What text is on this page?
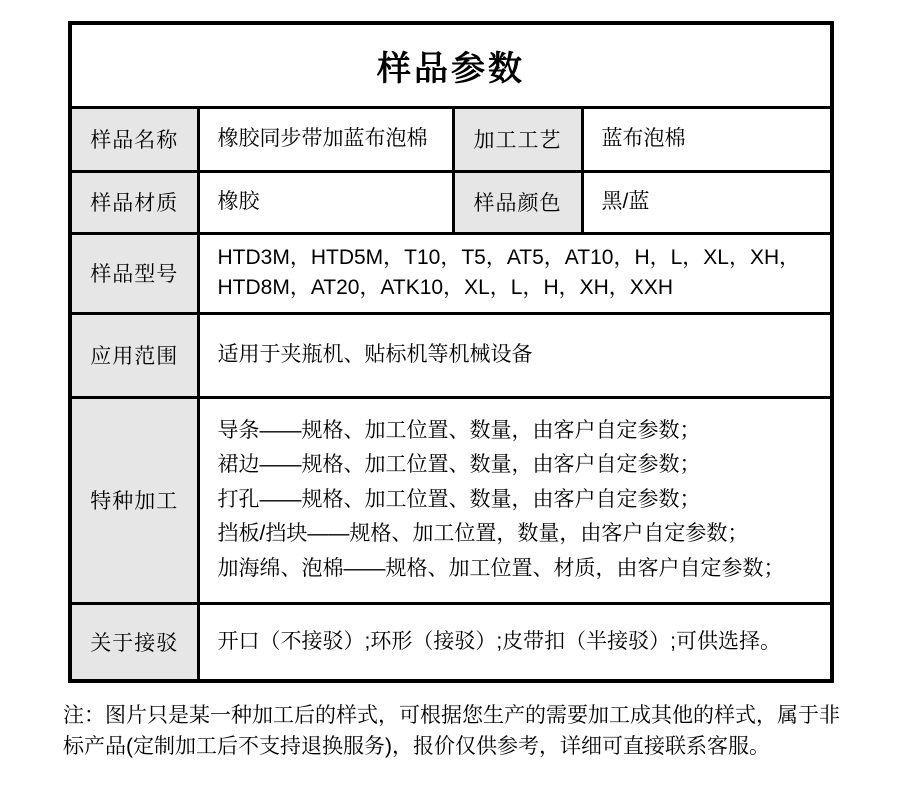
样品参数			
样品名称	橡胶同步带加蓝布泡棉	加工工艺	蓝布泡棉
样品材质	橡胶	样品颜色	黑/蓝
样品型号	HTD3M，HTD5M，T10，T5，AT5，AT10，H，L，XL，XH，
HTD8M，AT20，ATK10，XL，L，H，XH，XXH		

应用范围	适用于夹瓶机、贴标机等机械设备		
特种加工	导条——规格、加工位置、数量，由客户自定参数；
裙边——规格、加工位置、数量，由客户自定参数；
打孔——规格、加工位置、数量，由客户自定参数；
挡板/挡块——规格、加工位置，数量，由客户自定参数；
加海绵、泡棉——规格、加工位置、材质，由客户自定参数；		

关于接驳	开口（不接驳）;环形（接驳）;皮带扣（半接驳）;可供选择。		
注：图片只是某一种加工后的样式，可根据您生产的需要加工成其他的样式，属于非
标产品(定制加工后不支持退换服务)，报价仅供参考，详细可直接联系客服。
